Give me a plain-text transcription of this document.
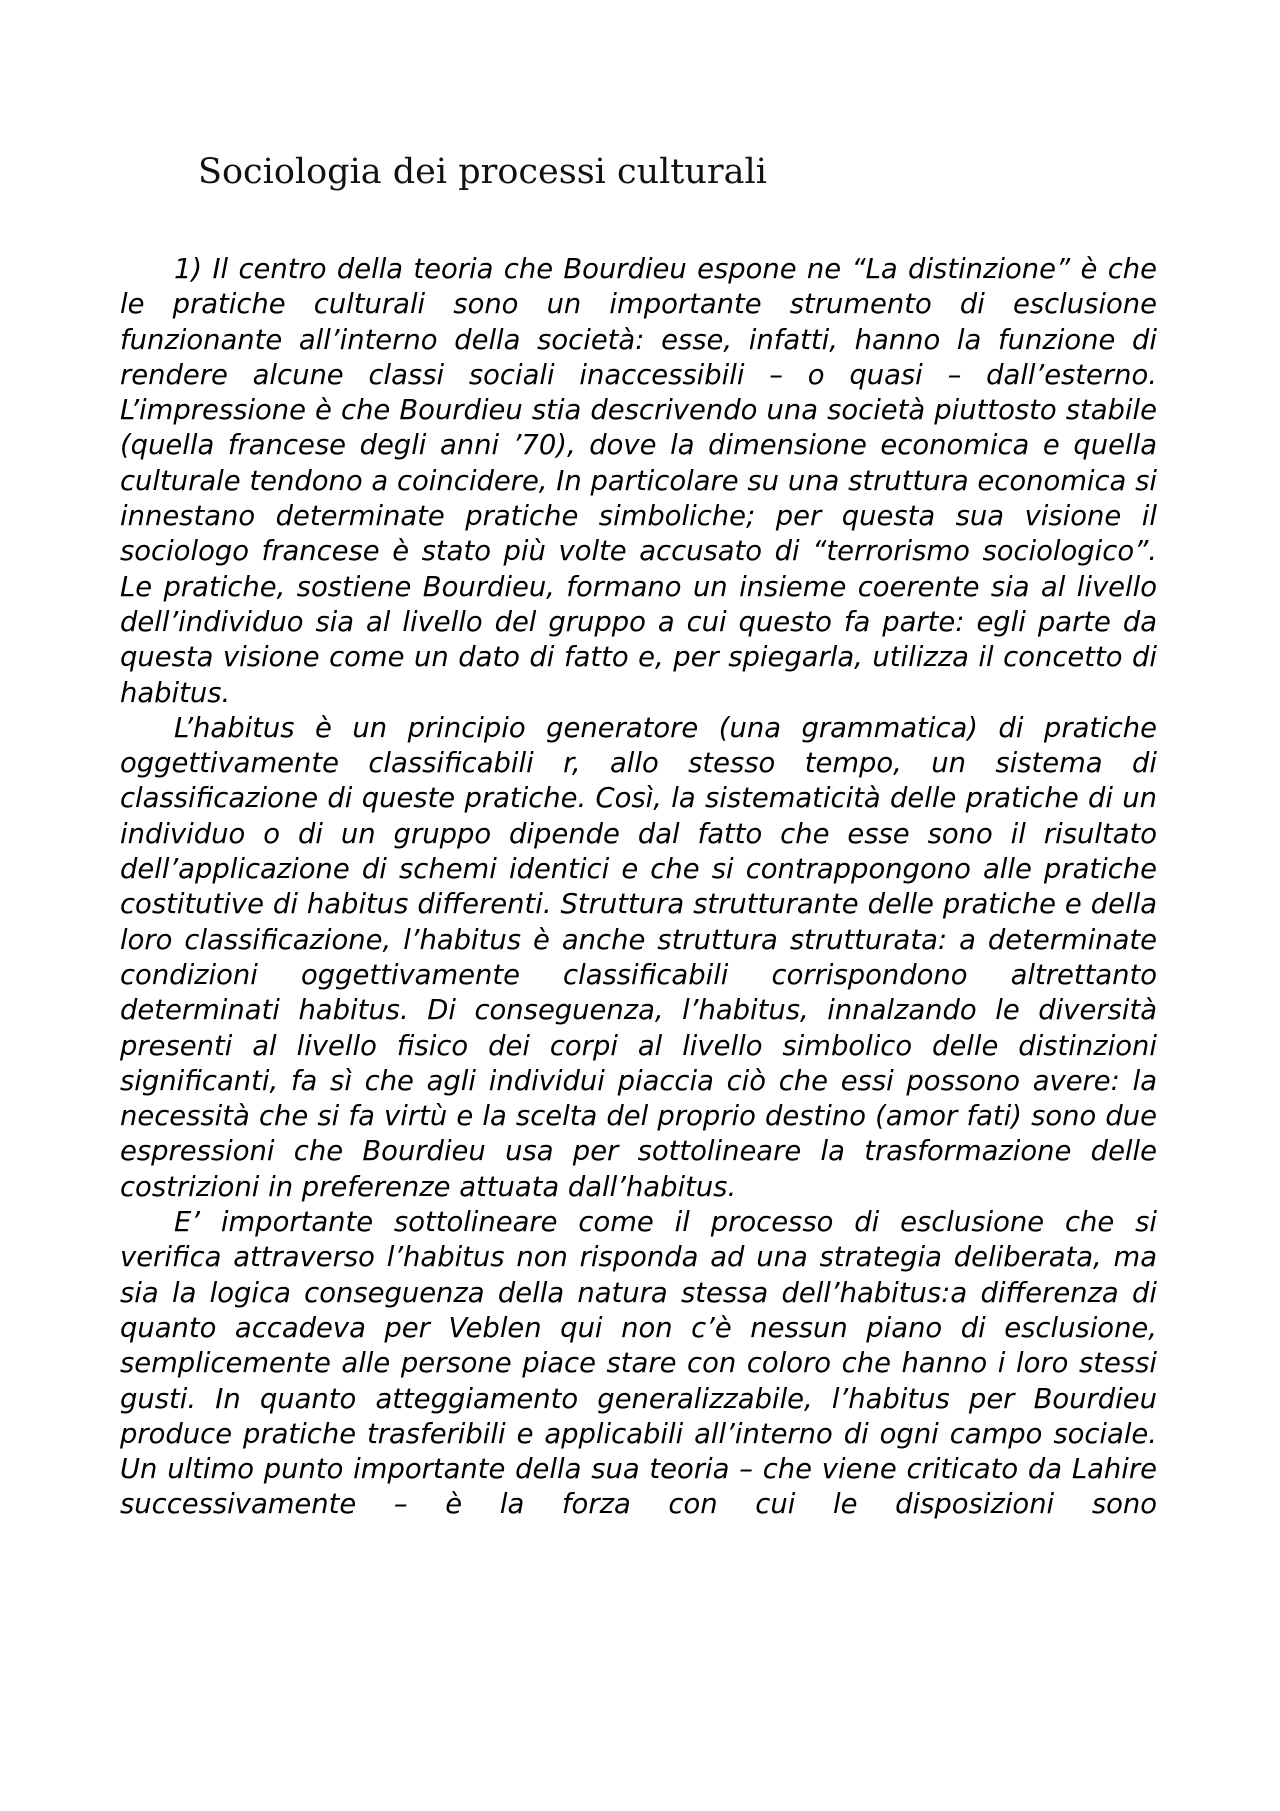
Sociologia dei processi culturali

1) Il centro della teoria che Bourdieu espone ne “La distinzione” è che le pratiche culturali sono un importante strumento di esclusione funzionante all’interno della società: esse, infatti, hanno la funzione di rendere alcune classi sociali inaccessibili – o quasi – dall’esterno. L’impressione è che Bourdieu stia descrivendo una società piuttosto stabile (quella francese degli anni ’70), dove la dimensione economica e quella culturale tendono a coincidere, In particolare su una struttura economica si innestano determinate pratiche simboliche; per questa sua visione il sociologo francese è stato più volte accusato di “terrorismo sociologico”. Le pratiche, sostiene Bourdieu, formano un insieme coerente sia al livello dell’individuo sia al livello del gruppo a cui questo fa parte: egli parte da questa visione come un dato di fatto e, per spiegarla, utilizza il concetto di habitus.

L’habitus è un principio generatore (una grammatica) di pratiche oggettivamente classificabili r, allo stesso tempo, un sistema di classificazione di queste pratiche. Così, la sistematicità delle pratiche di un individuo o di un gruppo dipende dal fatto che esse sono il risultato dell’applicazione di schemi identici e che si contrappongono alle pratiche costitutive di habitus differenti. Struttura strutturante delle pratiche e della loro classificazione, l’habitus è anche struttura strutturata: a determinate condizioni oggettivamente classificabili corrispondono altrettanto determinati habitus. Di conseguenza, l’habitus, innalzando le diversità presenti al livello fisico dei corpi al livello simbolico delle distinzioni significanti, fa sì che agli individui piaccia ciò che essi possono avere: la necessità che si fa virtù e la scelta del proprio destino (amor fati) sono due espressioni che Bourdieu usa per sottolineare la trasformazione delle costrizioni in preferenze attuata dall’habitus.

E’ importante sottolineare come il processo di esclusione che si verifica attraverso l’habitus non risponda ad una strategia deliberata, ma sia la logica conseguenza della natura stessa dell’habitus:a differenza di quanto accadeva per Veblen qui non c’è nessun piano di esclusione, semplicemente alle persone piace stare con coloro che hanno i loro stessi gusti. In quanto atteggiamento generalizzabile, l’habitus per Bourdieu produce pratiche trasferibili e applicabili all’interno di ogni campo sociale. Un ultimo punto importante della sua teoria – che viene criticato da Lahire successivamente – è la forza con cui le disposizioni sono
